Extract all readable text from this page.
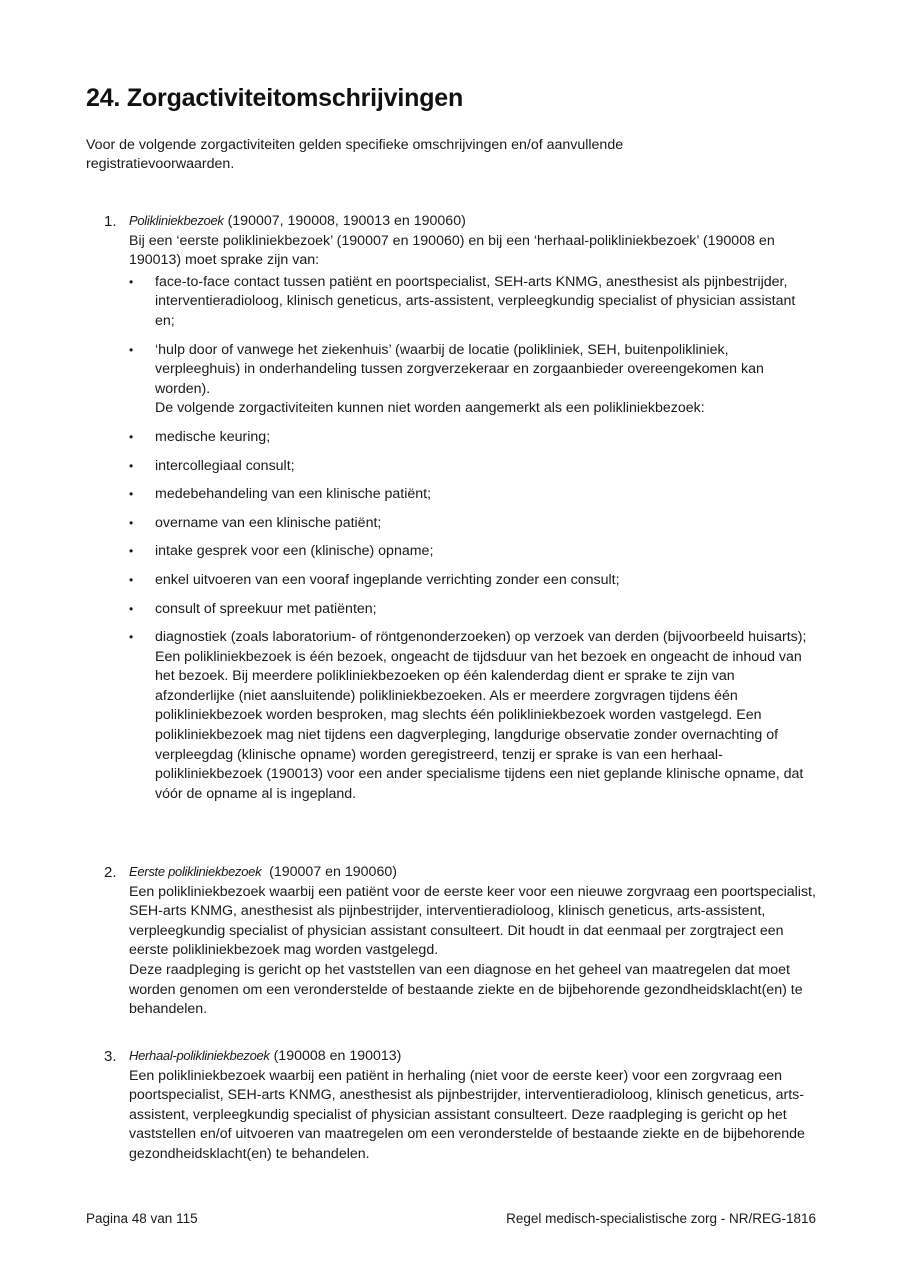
24. Zorgactiviteitomschrijvingen

Voor de volgende zorgactiviteiten gelden specifieke omschrijvingen en/of aanvullende registratievoorwaarden.

1. Polikliniekbezoek (190007, 190008, 190013 en 190060)

Bij een ‘eerste polikliniekbezoek’ (190007 en 190060) en bij een ‘herhaal-polikliniekbezoek’ (190008 en 190013) moet sprake zijn van:

• face-to-face contact tussen patiënt en poortspecialist, SEH-arts KNMG, anesthesist als pijnbestrijder, interventieradioloog, klinisch geneticus, arts-assistent, verpleegkundig specialist of physician assistant en;
• ‘hulp door of vanwege het ziekenhuis’ (waarbij de locatie (polikliniek, SEH, buitenpolikliniek, verpleeghuis) in onderhandeling tussen zorgverzekeraar en zorgaanbieder overeengekomen kan worden).
De volgende zorgactiviteiten kunnen niet worden aangemerkt als een polikliniekbezoek:
• medische keuring;
• intercollegiaal consult;
• medebehandeling van een klinische patiënt;
• overname van een klinische patiënt;
• intake gesprek voor een (klinische) opname;
• enkel uitvoeren van een vooraf ingeplande verrichting zonder een consult;
• consult of spreekuur met patiënten;
• diagnostiek (zoals laboratorium- of röntgenonderzoeken) op verzoek van derden (bijvoorbeeld huisarts);
Een polikliniekbezoek is één bezoek, ongeacht de tijdsduur van het bezoek en ongeacht de inhoud van het bezoek. Bij meerdere polikliniekbezoeken op één kalenderdag dient er sprake te zijn van afzonderlijke (niet aansluitende) polikliniekbezoeken. Als er meerdere zorgvragen tijdens één polikliniekbezoek worden besproken, mag slechts één polikliniekbezoek worden vastgelegd. Een polikliniekbezoek mag niet tijdens een dagverpleging, langdurige observatie zonder overnachting of verpleegdag (klinische opname) worden geregistreerd, tenzij er sprake is van een herhaal-polikliniekbezoek (190013) voor een ander specialisme tijdens een niet geplande klinische opname, dat vóór de opname al is ingepland.
2. Eerste polikliniekbezoek  (190007 en 190060)

Een polikliniekbezoek waarbij een patiënt voor de eerste keer voor een nieuwe zorgvraag een poortspecialist, SEH-arts KNMG, anesthesist als pijnbestrijder, interventieradioloog, klinisch geneticus, arts-assistent, verpleegkundig specialist of physician assistant consulteert. Dit houdt in dat eenmaal per zorgtraject een eerste polikliniekbezoek mag worden vastgelegd.

Deze raadpleging is gericht op het vaststellen van een diagnose en het geheel van maatregelen dat moet worden genomen om een veronderstelde of bestaande ziekte en de bijbehorende gezondheidsklacht(en) te behandelen.

3. Herhaal-polikliniekbezoek (190008 en 190013)

Een polikliniekbezoek waarbij een patiënt in herhaling (niet voor de eerste keer) voor een zorgvraag een poortspecialist, SEH-arts KNMG, anesthesist als pijnbestrijder, interventieradioloog, klinisch geneticus, arts-assistent, verpleegkundig specialist of physician assistant consulteert. Deze raadpleging is gericht op het vaststellen en/of uitvoeren van maatregelen om een veronderstelde of bestaande ziekte en de bijbehorende gezondheidsklacht(en) te behandelen.

Pagina 48 van 115	Regel medisch-specialistische zorg - NR/REG-1816
